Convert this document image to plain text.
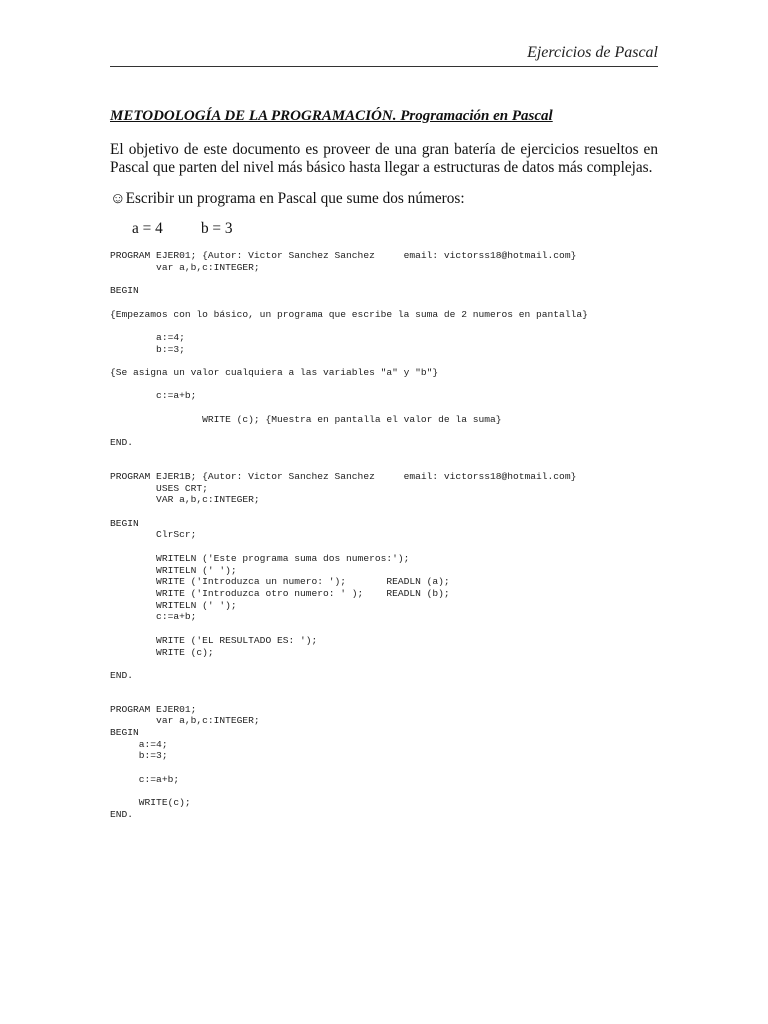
Ejercicios de Pascal
METODOLOGÍA DE LA PROGRAMACIÓN. Programación en Pascal

El objetivo de este documento es proveer de una gran batería de ejercicios resueltos en Pascal que parten del nivel más básico hasta llegar a estructuras de datos más complejas.

☺Escribir un programa en Pascal que sume dos números:
a = 4          b = 3
PROGRAM EJER01; {Autor: Victor Sanchez Sanchez     email: victorss18@hotmail.com}
var a,b,c:INTEGER;

BEGIN

{Empezamos con lo básico, un programa que escribe la suma de 2 numeros en pantalla}

a:=4;
b:=3;

{Se asigna un valor cualquiera a las variables "a" y "b"}

c:=a+b;

WRITE (c); {Muestra en pantalla el valor de la suma}

END.
PROGRAM EJER1B; {Autor: Victor Sanchez Sanchez     email: victorss18@hotmail.com}
USES CRT;
VAR a,b,c:INTEGER;

BEGIN
ClrScr;

WRITELN ('Este programa suma dos numeros:');
WRITELN (' ');
WRITE ('Introduzca un numero: ');       READLN (a);
WRITE ('Introduzca otro numero: ' );    READLN (b);
WRITELN (' ');
c:=a+b;

WRITE ('EL RESULTADO ES: ');
WRITE (c);

END.
PROGRAM EJER01;
var a,b,c:INTEGER;
BEGIN
a:=4;
b:=3;

c:=a+b;

WRITE(c);
END.
